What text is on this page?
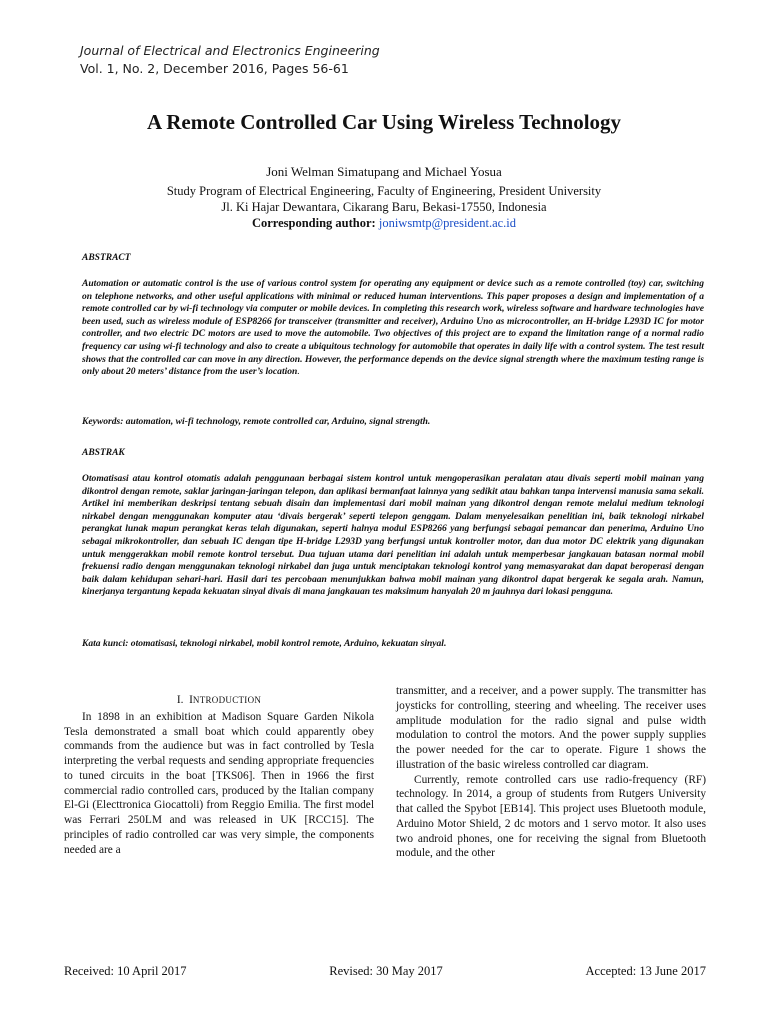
Journal of Electrical and Electronics Engineering
Vol. 1, No. 2, December 2016, Pages 56-61
A Remote Controlled Car Using Wireless Technology
Joni Welman Simatupang and Michael Yosua
Study Program of Electrical Engineering, Faculty of Engineering, President University
Jl. Ki Hajar Dewantara, Cikarang Baru, Bekasi-17550, Indonesia
Corresponding author: joniwsmtp@president.ac.id
ABSTRACT
Automation or automatic control is the use of various control system for operating any equipment or device such as a remote controlled (toy) car, switching on telephone networks, and other useful applications with minimal or reduced human interventions. This paper proposes a design and implementation of a remote controlled car by wi-fi technology via computer or mobile devices. In completing this research work, wireless software and hardware technologies have been used, such as wireless module of ESP8266 for transceiver (transmitter and receiver), Arduino Uno as microcontroller, an H-bridge L293D IC for motor controller, and two electric DC motors are used to move the automobile. Two objectives of this project are to expand the limitation range of a normal radio frequency car using wi-fi technology and also to create a ubiquitous technology for automobile that operates in daily life with a control system. The test result shows that the controlled car can move in any direction. However, the performance depends on the device signal strength where the maximum testing range is only about 20 meters’ distance from the user’s location.
Keywords: automation, wi-fi technology, remote controlled car, Arduino, signal strength.
ABSTRAK
Otomatisasi atau kontrol otomatis adalah penggunaan berbagai sistem kontrol untuk mengoperasikan peralatan atau divais seperti mobil mainan yang dikontrol dengan remote, saklar jaringan-jaringan telepon, dan aplikasi bermanfaat lainnya yang sedikit atau bahkan tanpa intervensi manusia sama sekali. Artikel ini memberikan deskripsi tentang sebuah disain dan implementasi dari mobil mainan yang dikontrol dengan remote melalui medium teknologi nirkabel dengan menggunakan komputer atau ‘divais bergerak’ seperti telepon genggam. Dalam menyelesaikan penelitian ini, baik teknologi nirkabel perangkat lunak mapun perangkat keras telah digunakan, seperti halnya modul ESP8266 yang berfungsi sebagai pemancar dan penerima, Arduino Uno sebagai mikrokontroller, dan sebuah IC dengan tipe H-bridge L293D yang berfungsi untuk kontroller motor, dan dua motor DC elektrik yang digunakan untuk menggerakkan mobil remote kontrol tersebut. Dua tujuan utama dari penelitian ini adalah untuk memperbesar jangkauan batasan normal mobil frekuensi radio dengan menggunakan teknologi nirkabel dan juga untuk menciptakan teknologi kontrol yang memasyarakat dan dapat beroperasi dengan baik dalam kehidupan sehari-hari. Hasil dari tes percobaan menunjukkan bahwa mobil mainan yang dikontrol dapat bergerak ke segala arah. Namun, kinerjanya tergantung kepada kekuatan sinyal divais di mana jangkauan tes maksimum hanyalah 20 m jauhnya dari lokasi pengguna.
Kata kunci: otomatisasi, teknologi nirkabel, mobil kontrol remote, Arduino, kekuatan sinyal.
I. INTRODUCTION

In 1898 in an exhibition at Madison Square Garden Nikola Tesla demonstrated a small boat which could apparently obey commands from the audience but was in fact controlled by Tesla interpreting the verbal requests and sending appropriate frequencies to tuned circuits in the boat [TKS06]. Then in 1966 the first commercial radio controlled cars, produced by the Italian company El-Gi (Electtronica Giocattoli) from Reggio Emilia. The first model was Ferrari 250LM and was released in UK [RCC15]. The principles of radio controlled car was very simple, the components needed are a

transmitter, and a receiver, and a power supply. The transmitter has joysticks for controlling, steering and wheeling. The receiver uses amplitude modulation for the radio signal and pulse width modulation to control the motors. And the power supply supplies the power needed for the car to operate. Figure 1 shows the illustration of the basic wireless controlled car diagram.

Currently, remote controlled cars use radio-frequency (RF) technology. In 2014, a group of students from Rutgers University that called the Spybot [EB14]. This project uses Bluetooth module, Arduino Motor Shield, 2 dc motors and 1 servo motor. It also uses two android phones, one for receiving the signal from Bluetooth module, and the other

Received: 10 April 2017	Revised: 30 May 2017	Accepted: 13 June 2017
